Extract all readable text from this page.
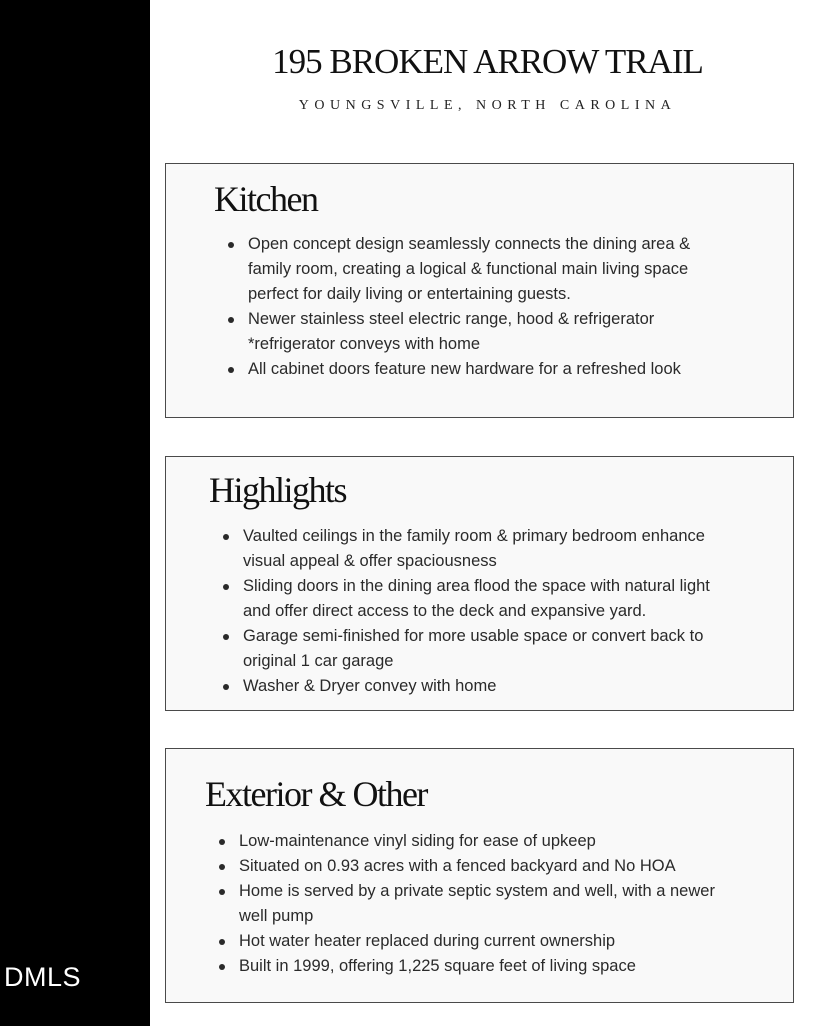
DMLS
195 BROKEN ARROW TRAIL

YOUNGSVILLE, NORTH CAROLINA

Kitchen
Open concept design seamlessly connects the dining area & family room, creating a logical & functional main living space perfect for daily living or entertaining guests.
Newer stainless steel electric range, hood & refrigerator *refrigerator conveys with home
All cabinet doors feature new hardware for a refreshed look
Highlights
Vaulted ceilings in the family room & primary bedroom enhance visual appeal & offer spaciousness
Sliding doors in the dining area flood the space with natural light and offer direct access to the deck and expansive yard.
Garage semi-finished for more usable space or convert back to original 1 car garage
Washer & Dryer convey with home
Exterior & Other
Low-maintenance vinyl siding for ease of upkeep
Situated on 0.93 acres with a fenced backyard and No HOA
Home is served by a private septic system and well, with a newer well pump
Hot water heater replaced during current ownership
Built in 1999, offering 1,225 square feet of living space
